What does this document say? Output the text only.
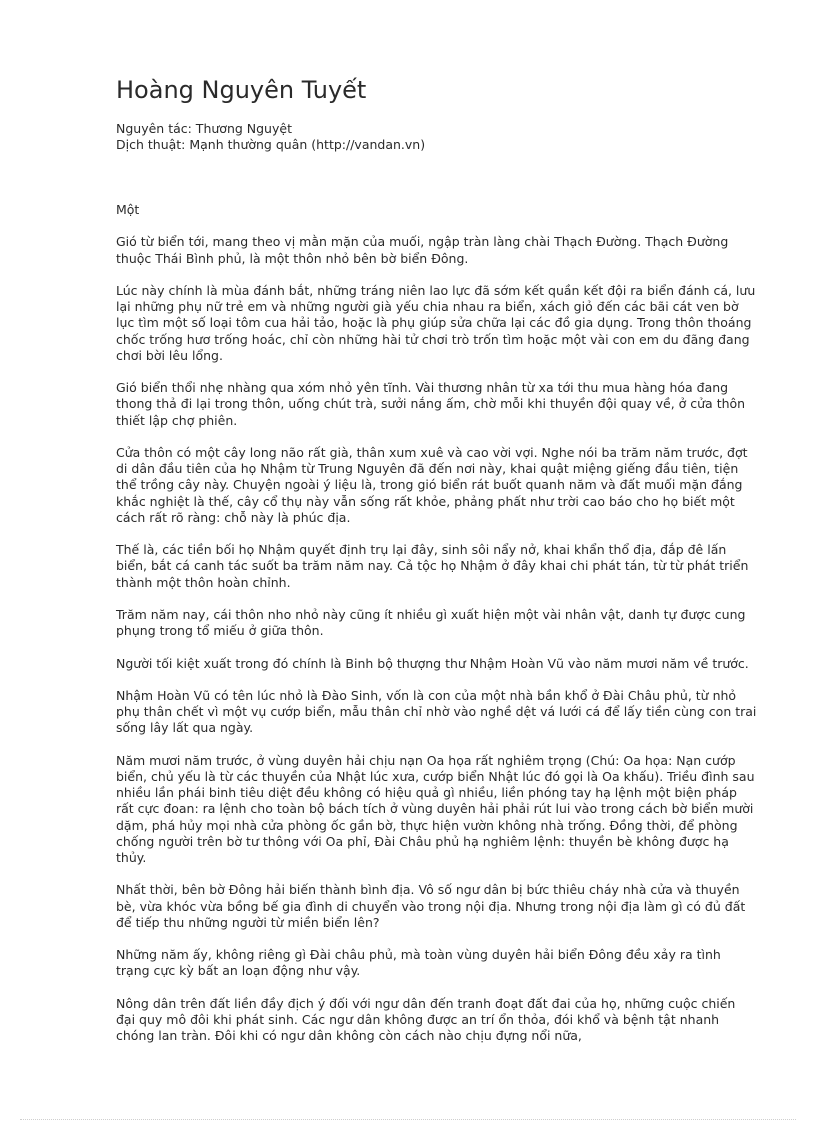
Hoàng Nguyên Tuyết
Nguyên tác: Thương Nguyệt
Dịch thuật: Mạnh thường quân (http://vandan.vn)

Một

Gió từ biển tới, mang theo vị mằn mặn của muối, ngập tràn làng chài Thạch Đường. Thạch Đường thuộc Thái Bình phủ, là một thôn nhỏ bên bờ biển Đông.

Lúc này chính là mùa đánh bắt, những tráng niên lao lực đã sớm kết quần kết đội ra biển đánh cá, lưu lại những phụ nữ trẻ em và những người già yếu chia nhau ra biển, xách giỏ đến các bãi cát ven bờ lục tìm một số loại tôm cua hải tảo, hoặc là phụ giúp sửa chữa lại các đồ gia dụng. Trong thôn thoáng chốc trống hươ trống hoác, chỉ còn những hài tử chơi trò trốn tìm hoặc một vài con em du đãng đang chơi bời lêu lổng.

Gió biển thổi nhẹ nhàng qua xóm nhỏ yên tĩnh. Vài thương nhân từ xa tới thu mua hàng hóa đang thong thả đi lại trong thôn, uống chút trà, sưởi nắng ấm, chờ mỗi khi thuyền đội quay về, ở cửa thôn thiết lập chợ phiên.

Cửa thôn có một cây long não rất già, thân xum xuê và cao vời vợi. Nghe nói ba trăm năm trước, đợt di dân đầu tiên của họ Nhậm từ Trung Nguyên đã đến nơi này, khai quật miệng giếng đầu tiên, tiện thể trồng cây này. Chuyện ngoài ý liệu là, trong gió biển rát buốt quanh năm và đất muối mặn đắng khắc nghiệt là thế, cây cổ thụ này vẫn sống rất khỏe, phảng phất như trời cao báo cho họ biết một cách rất rõ ràng: chỗ này là phúc địa.

Thế là, các tiền bối họ Nhậm quyết định trụ lại đây, sinh sôi nẩy nở, khai khẩn thổ địa, đắp đê lấn biển, bắt cá canh tác suốt ba trăm năm nay. Cả tộc họ Nhậm ở đây khai chi phát tán, từ từ phát triển thành một thôn hoàn chỉnh.

Trăm năm nay, cái thôn nho nhỏ này cũng ít nhiều gì xuất hiện một vài nhân vật, danh tự được cung phụng trong tổ miếu ở giữa thôn.

Người tối kiệt xuất trong đó chính là Binh bộ thượng thư Nhậm Hoàn Vũ vào năm mươi năm về trước.

Nhậm Hoàn Vũ có tên lúc nhỏ là Đào Sinh, vốn là con của một nhà bần khổ ở Đài Châu phủ, từ nhỏ phụ thân chết vì một vụ cướp biển, mẫu thân chỉ nhờ vào nghề dệt vá lưới cá để lấy tiền cùng con trai sống lây lất qua ngày.

Năm mươi năm trước, ở vùng duyên hải chịu nạn Oa họa rất nghiêm trọng (Chú: Oa họa: Nạn cướp biển, chủ yếu là từ các thuyền của Nhật lúc xưa, cướp biển Nhật lúc đó gọi là Oa khấu). Triều đình sau nhiều lần phái binh tiêu diệt đều không có hiệu quả gì nhiều, liền phóng tay hạ lệnh một biện pháp rất cực đoan: ra lệnh cho toàn bộ bách tích ở vùng duyên hải phải rút lui vào trong cách bờ biển mười dặm, phá hủy mọi nhà cửa phòng ốc gần bờ, thực hiện vườn không nhà trống. Đồng thời, để phòng chống người trên bờ tư thông với Oa phỉ, Đài Châu phủ hạ nghiêm lệnh: thuyền bè không được hạ thủy.

Nhất thời, bên bờ Đông hải biến thành bình địa. Vô số ngư dân bị bức thiêu cháy nhà cửa và thuyền bè, vừa khóc vừa bồng bế gia đình di chuyển vào trong nội địa. Nhưng trong nội địa làm gì có đủ đất để tiếp thu những người từ miền biển lên?

Những năm ấy, không riêng gì Đài châu phủ, mà toàn vùng duyên hải biển Đông đều xảy ra tình trạng cực kỳ bất an loạn động như vậy.

Nông dân trên đất liền đầy địch ý đối với ngư dân đến tranh đoạt đất đai của họ, những cuộc chiến đại quy mô đôi khi phát sinh. Các ngư dân không được an trí ổn thỏa, đói khổ và bệnh tật nhanh chóng lan tràn. Đôi khi có ngư dân không còn cách nào chịu đựng nổi nữa,
